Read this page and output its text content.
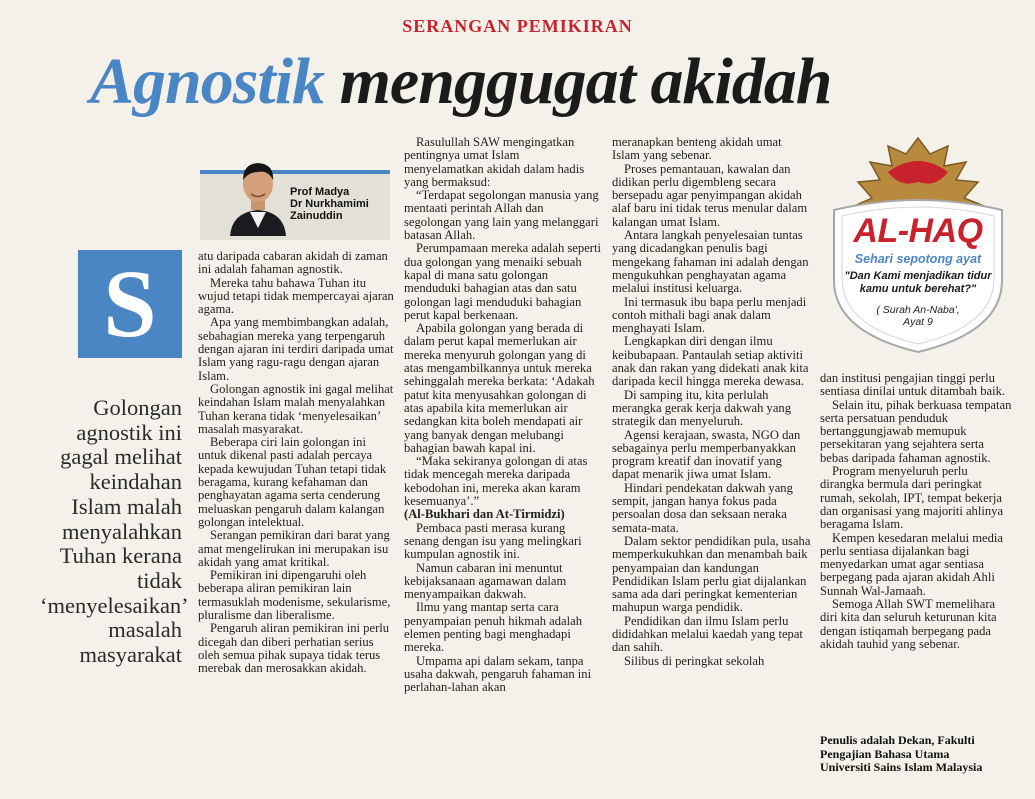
SERANGAN PEMIKIRAN
Agnostik menggugat akidah
Prof Madya
Dr Nurkhamimi
Zainuddin
S
Golongan agnostik ini gagal melihat keindahan Islam malah menyalahkan Tuhan kerana tidak ‘menyelesaikan’ masalah masyarakat

atu daripada cabaran akidah di zaman ini adalah fahaman agnostik.

Mereka tahu bahawa Tuhan itu wujud tetapi tidak mempercayai ajaran agama.

Apa yang membimbangkan adalah, sebahagian mereka yang terpengaruh dengan ajaran ini terdiri daripada umat Islam yang ragu-ragu dengan ajaran Islam.

Golongan agnostik ini gagal melihat keindahan Islam malah menyalahkan Tuhan kerana tidak ‘menyelesaikan’ masalah masyarakat.

Beberapa ciri lain golongan ini untuk dikenal pasti adalah percaya kepada kewujudan Tuhan tetapi tidak beragama, kurang kefahaman dan penghayatan agama serta cenderung meluaskan pengaruh dalam kalangan golongan intelektual.

Serangan pemikiran dari barat yang amat mengelirukan ini merupakan isu akidah yang amat kritikal.

Pemikiran ini dipengaruhi oleh beberapa aliran pemikiran lain termasuklah modenisme, sekularisme, pluralisme dan liberalisme.

Pengaruh aliran pemikiran ini perlu dicegah dan diberi perhatian serius oleh semua pihak supaya tidak terus merebak dan merosakkan akidah.

Rasulullah SAW mengingatkan pentingnya umat Islam menyelamatkan akidah dalam hadis yang bermaksud:

“Terdapat segolongan manusia yang mentaati perintah Allah dan segolongan yang lain yang melanggari batasan Allah.

Perumpamaan mereka adalah seperti dua golongan yang menaiki sebuah kapal di mana satu golongan menduduki bahagian atas dan satu golongan lagi menduduki bahagian perut kapal berkenaan.

Apabila golongan yang berada di dalam perut kapal memerlukan air mereka menyuruh golongan yang di atas mengambilkannya untuk mereka sehinggalah mereka berkata: ‘Adakah patut kita menyusahkan golongan di atas apabila kita memerlukan air sedangkan kita boleh mendapati air yang banyak dengan melubangi bahagian bawah kapal ini.

“Maka sekiranya golongan di atas tidak mencegah mereka daripada kebodohan ini, mereka akan karam kesemuanya’.”

(Al-Bukhari dan At-Tirmidzi)

Pembaca pasti merasa kurang senang dengan isu yang melingkari kumpulan agnostik ini.

Namun cabaran ini menuntut kebijaksanaan agamawan dalam menyampaikan dakwah.

Ilmu yang mantap serta cara penyampaian penuh hikmah adalah elemen penting bagi menghadapi mereka.

Umpama api dalam sekam, tanpa usaha dakwah, pengaruh fahaman ini perlahan-lahan akan

meranapkan benteng akidah umat Islam yang sebenar.

Proses pemantauan, kawalan dan didikan perlu digembleng secara bersepadu agar penyimpangan akidah alaf baru ini tidak terus menular dalam kalangan umat Islam.

Antara langkah penyelesaian tuntas yang dicadangkan penulis bagi mengekang fahaman ini adalah dengan mengukuhkan penghayatan agama melalui institusi keluarga.

Ini termasuk ibu bapa perlu menjadi contoh mithali bagi anak dalam menghayati Islam.

Lengkapkan diri dengan ilmu keibubapaan. Pantaulah setiap aktiviti anak dan rakan yang didekati anak kita daripada kecil hingga mereka dewasa.

Di samping itu, kita perlulah merangka gerak kerja dakwah yang strategik dan menyeluruh.

Agensi kerajaan, swasta, NGO dan sebagainya perlu memperbanyakkan program kreatif dan inovatif yang dapat menarik jiwa umat Islam.

Hindari pendekatan dakwah yang sempit, jangan hanya fokus pada persoalan dosa dan seksaan neraka semata-mata.

Dalam sektor pendidikan pula, usaha memperkukuhkan dan menambah baik penyampaian dan kandungan Pendidikan Islam perlu giat dijalankan sama ada dari peringkat kementerian mahupun warga pendidik.

Pendidikan dan ilmu Islam perlu dididahkan melalui kaedah yang tepat dan sahih.

Silibus di peringkat sekolah

AL-HAQ
Sehari sepotong ayat
"Dan Kami menjadikan tidur kamu untuk berehat?"
( Surah An-Naba',
Ayat 9

dan institusi pengajian tinggi perlu sentiasa dinilai untuk ditambah baik.

Selain itu, pihak berkuasa tempatan serta persatuan penduduk bertanggungjawab memupuk persekitaran yang sejahtera serta bebas daripada fahaman agnostik.

Program menyeluruh perlu dirangka bermula dari peringkat rumah, sekolah, IPT, tempat bekerja dan organisasi yang majoriti ahlinya beragama Islam.

Kempen kesedaran melalui media perlu sentiasa dijalankan bagi menyedarkan umat agar sentiasa berpegang pada ajaran akidah Ahli Sunnah Wal-Jamaah.

Semoga Allah SWT memelihara diri kita dan seluruh keturunan kita dengan istiqamah berpegang pada akidah tauhid yang sebenar.

Penulis adalah Dekan, Fakulti
Pengajian Bahasa Utama
Universiti Sains Islam Malaysia
